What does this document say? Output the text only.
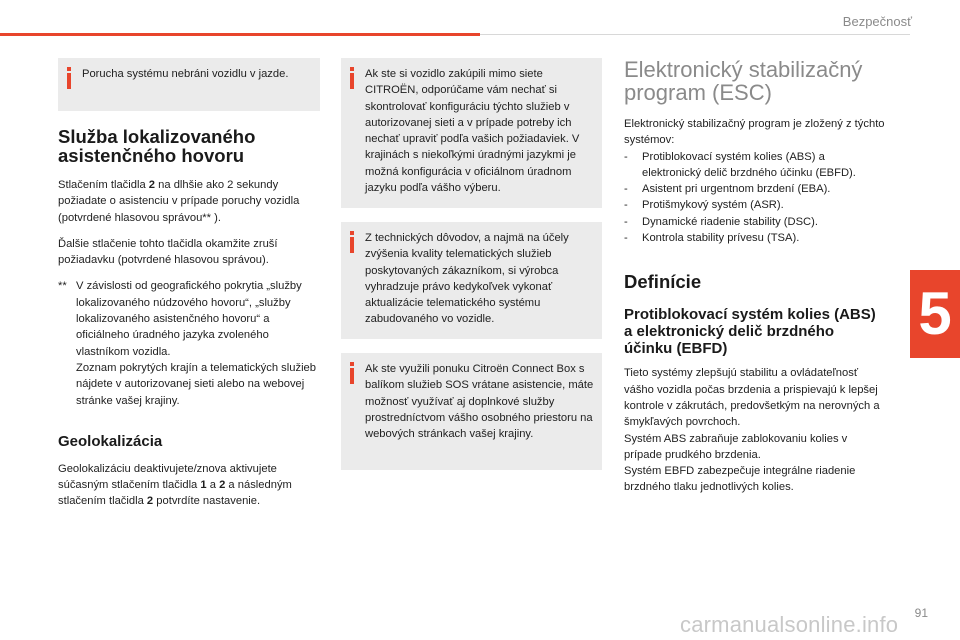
Bezpečnosť

Porucha systému nebráni vozidlu v jazde.

Služba lokalizovaného asistenčného hovoru

Stlačením tlačidla 2 na dlhšie ako 2 sekundy požiadate o asistenciu v prípade poruchy vozidla (potvrdené hlasovou správou** ).

Ďalšie stlačenie tohto tlačidla okamžite zruší požiadavku (potvrdené hlasovou správou).

** V závislosti od geografického pokrytia „služby lokalizovaného núdzového hovoru“, „služby lokalizovaného asistenčného hovoru“ a oficiálneho úradného jazyka zvoleného vlastníkom vozidla.

Zoznam pokrytých krajín a telematických služieb nájdete v autorizovanej sieti alebo na webovej stránke vašej krajiny.

Geolokalizácia

Geolokalizáciu deaktivujete/znova aktivujete súčasným stlačením tlačidla 1 a 2 a následným stlačením tlačidla 2 potvrdíte nastavenie.

Ak ste si vozidlo zakúpili mimo siete CITROËN, odporúčame vám nechať si skontrolovať konfiguráciu týchto služieb v autorizovanej sieti a v prípade potreby ich nechať upraviť podľa vašich požiadaviek. V krajinách s niekoľkými úradnými jazykmi je možná konfigurácia v oficiálnom úradnom jazyku podľa vášho výberu.

Z technických dôvodov, a najmä na účely zvýšenia kvality telematických služieb poskytovaných zákazníkom, si výrobca vyhradzuje právo kedykoľvek vykonať aktualizácie telematického systému zabudovaného vo vozidle.

Ak ste využili ponuku Citroën Connect Box s balíkom služieb SOS vrátane asistencie, máte možnosť využívať aj doplnkové služby prostredníctvom vášho osobného priestoru na webových stránkach vašej krajiny.

Elektronický stabilizačný program (ESC)

Elektronický stabilizačný program je zložený z týchto systémov:

-	Protiblokovací systém kolies (ABS) a elektronický delič brzdného účinku (EBFD).
-	Asistent pri urgentnom brzdení (EBA).
-	Protišmykový systém (ASR).
-	Dynamické riadenie stability (DSC).
-	Kontrola stability prívesu (TSA).
Definície
Protiblokovací systém kolies (ABS) a elektronický delič brzdného účinku (EBFD)

Tieto systémy zlepšujú stabilitu a ovládateľnosť vášho vozidla počas brzdenia a prispievajú k lepšej kontrole v zákrutách, predovšetkým na nerovných a šmykľavých povrchoch.

Systém ABS zabraňuje zablokovaniu kolies v prípade prudkého brzdenia.

Systém EBFD zabezpečuje integrálne riadenie brzdného tlaku jednotlivých kolies.

5
carmanualsonline.info 91
